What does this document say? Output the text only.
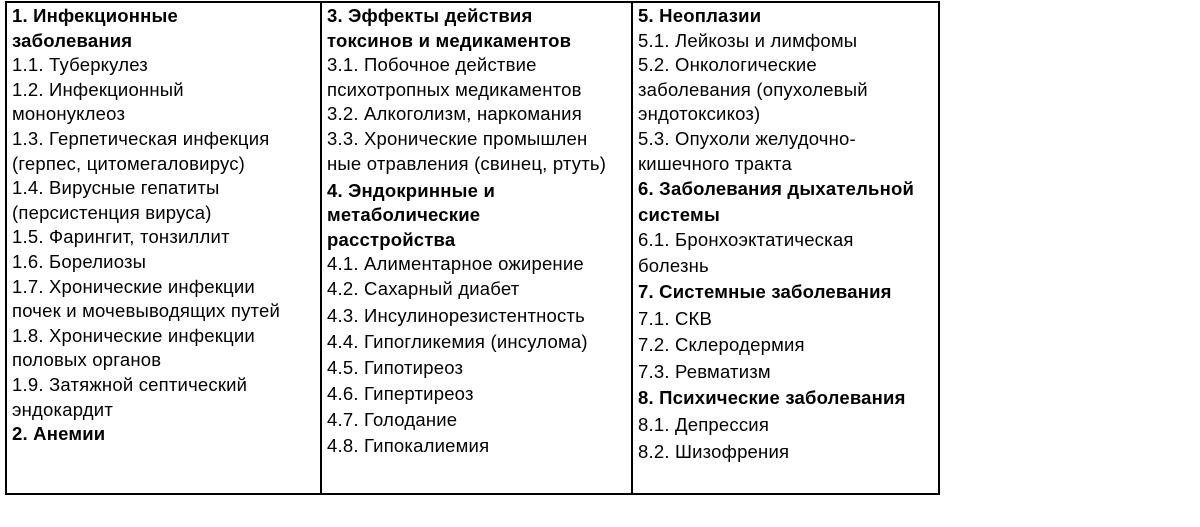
1. Инфекционные
заболевания
1.1. Туберкулез
1.2. Инфекционный
мононуклеоз
1.3. Герпетическая инфекция
(герпес, цитомегаловирус)
1.4. Вирусные гепатиты
(персистенция вируса)
1.5. Фарингит, тонзиллит
1.6. Борелиозы
1.7. Хронические инфекции
почек и мочевыводящих путей
1.8. Хронические инфекции
половых органов
1.9. Затяжной септический
эндокардит
2. Анемии
3. Эффекты действия
токсинов и медикаментов
3.1. Побочное действие
психотропных медикаментов
3.2. Алкоголизм, наркомания
3.3. Хронические промышлен
ные отравления (свинец, ртуть)
4. Эндокринные и
метаболические
расстройства
4.1. Алиментарное ожирение
4.2. Сахарный диабет
4.3. Инсулинорезистентность
4.4. Гипогликемия (инсулома)
4.5. Гипотиреоз
4.6. Гипертиреоз
4.7. Голодание
4.8. Гипокалиемия
5. Неоплазии
5.1. Лейкозы и лимфомы
5.2. Онкологические
заболевания (опухолевый
эндотоксикоз)
5.3. Опухоли желудочно-
кишечного тракта
6. Заболевания дыхательной
системы
6.1. Бронхоэктатическая
болезнь
7. Системные заболевания
7.1. СКВ
7.2. Склеродермия
7.3. Ревматизм
8. Психические заболевания
8.1. Депрессия
8.2. Шизофрения
